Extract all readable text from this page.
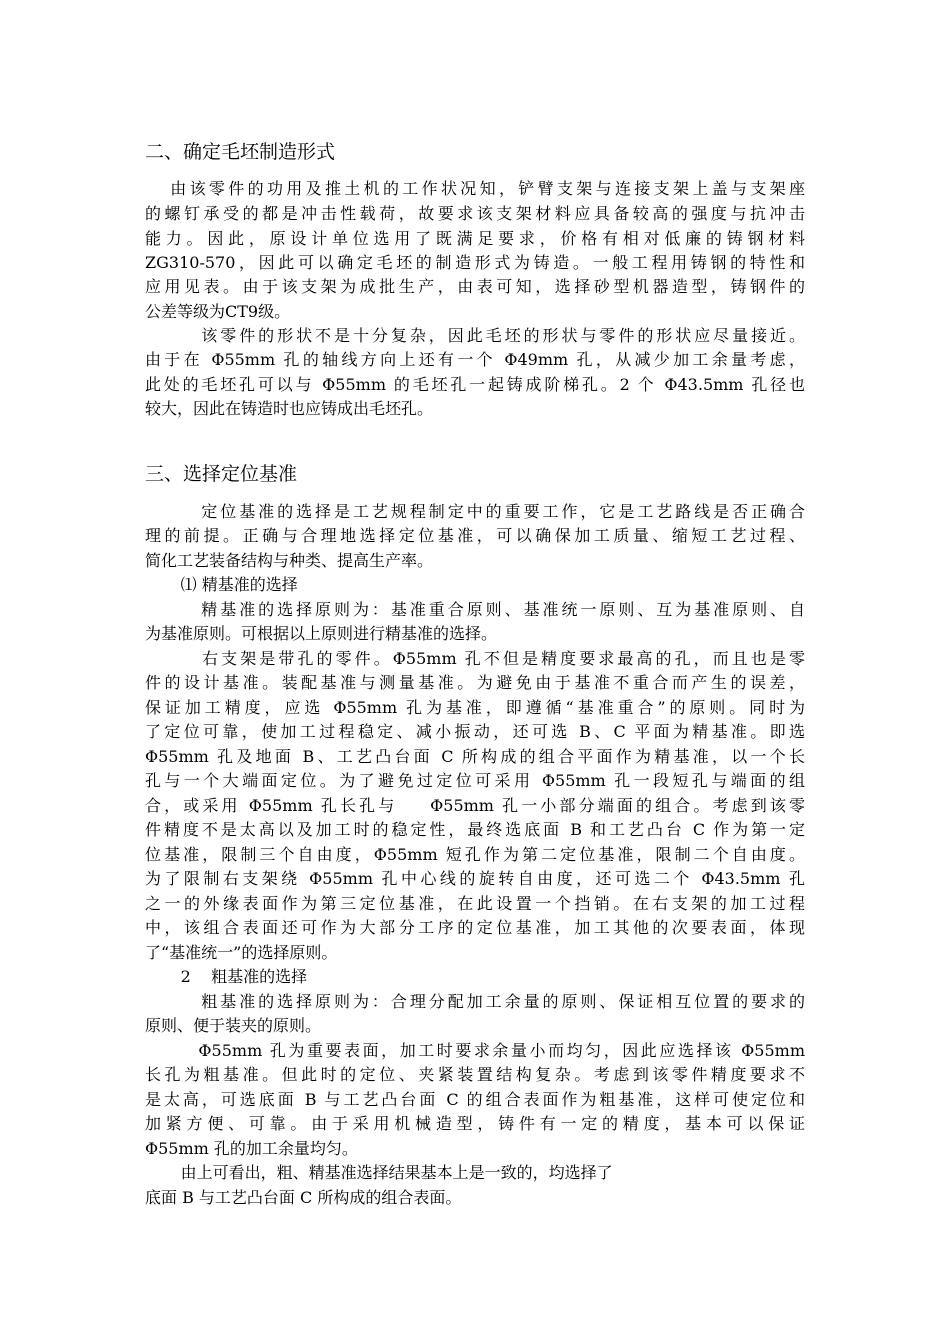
二、确定毛坯制造形式

由该零件的功用及推土机的工作状况知，铲臂支架与连接支架上盖与支架座

的螺钉承受的都是冲击性载荷，故要求该支架材料应具备较高的强度与抗冲击

能力。因此，原设计单位选用了既满足要求，价格有相对低廉的铸钢材料

ZG310-570，因此可以确定毛坯的制造形式为铸造。一般工程用铸钢的特性和

应用见表。由于该支架为成批生产，由表可知，选择砂型机器造型，铸钢件的

公差等级为CT9级。

该零件的形状不是十分复杂，因此毛坯的形状与零件的形状应尽量接近。

由于在 Φ55mm 孔的轴线方向上还有一个 Φ49mm 孔，从减少加工余量考虑，

此处的毛坯孔可以与 Φ55mm 的毛坯孔一起铸成阶梯孔。2 个 Φ43.5mm 孔径也

较大，因此在铸造时也应铸成出毛坯孔。

三、选择定位基准

定位基准的选择是工艺规程制定中的重要工作，它是工艺路线是否正确合

理的前提。正确与合理地选择定位基准，可以确保加工质量、缩短工艺过程、

简化工艺装备结构与种类、提高生产率。

⑴ 精基准的选择

精基准的选择原则为：基准重合原则、基准统一原则、互为基准原则、自

为基准原则。可根据以上原则进行精基准的选择。

右支架是带孔的零件。Φ55mm 孔不但是精度要求最高的孔，而且也是零

件的设计基准。装配基准与测量基准。为避免由于基准不重合而产生的误差，

保证加工精度，应选 Φ55mm 孔为基准，即遵循“基准重合”的原则。同时为

了定位可靠，使加工过程稳定、减小振动，还可选 B、C 平面为精基准。即选

Φ55mm 孔及地面 B、工艺凸台面 C 所构成的组合平面作为精基准，以一个长

孔与一个大端面定位。为了避免过定位可采用 Φ55mm 孔一段短孔与端面的组

合，或采用 Φ55mm 孔长孔与    Φ55mm 孔一小部分端面的组合。考虑到该零

件精度不是太高以及加工时的稳定性，最终选底面 B 和工艺凸台 C 作为第一定

位基准，限制三个自由度，Φ55mm 短孔作为第二定位基准，限制二个自由度。

为了限制右支架绕 Φ55mm 孔中心线的旋转自由度，还可选二个 Φ43.5mm 孔

之一的外缘表面作为第三定位基准，在此设置一个挡销。在右支架的加工过程

中，该组合表面还可作为大部分工序的定位基准，加工其他的次要表面，体现

了“基准统一”的选择原则。

2    粗基准的选择

粗基准的选择原则为：合理分配加工余量的原则、保证相互位置的要求的

原则、便于装夹的原则。

Φ55mm 孔为重要表面，加工时要求余量小而均匀，因此应选择该 Φ55mm

长孔为粗基准。但此时的定位、夹紧装置结构复杂。考虑到该零件精度要求不

是太高，可选底面 B 与工艺凸台面 C 的组合表面作为粗基准，这样可使定位和

加紧方便、可靠。由于采用机械造型，铸件有一定的精度，基本可以保证

Φ55mm 孔的加工余量均匀。

由上可看出，粗、精基准选择结果基本上是一致的，均选择了

底面 B 与工艺凸台面 C 所构成的组合表面。
